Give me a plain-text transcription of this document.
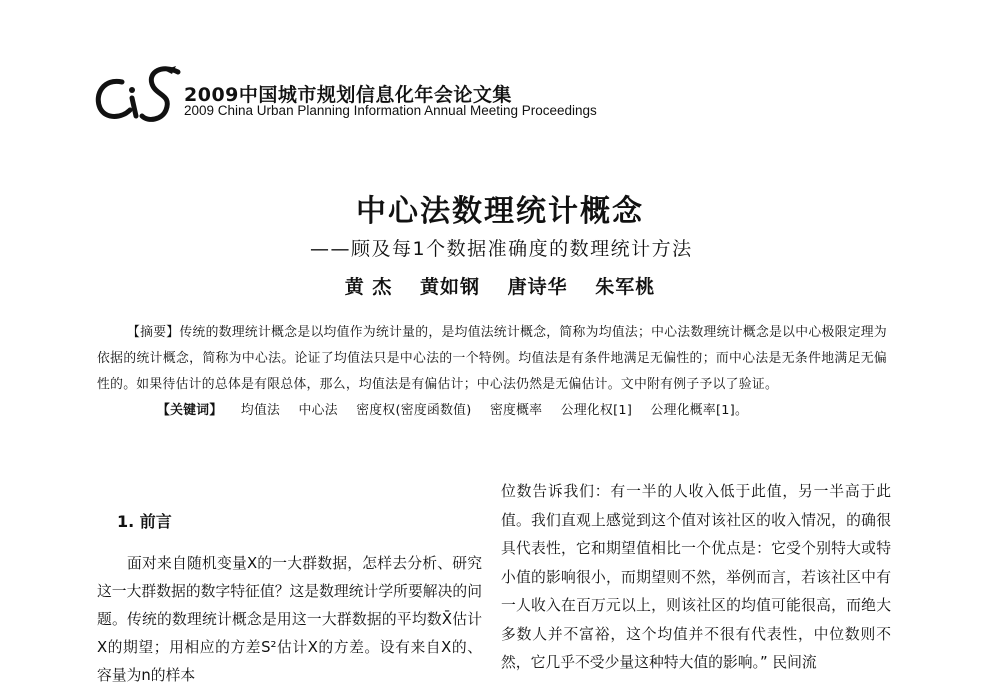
2009中国城市规划信息化年会论文集
2009 China Urban Planning Information Annual Meeting Proceedings
中心法数理统计概念
——顾及每1个数据准确度的数理统计方法
黄 杰 黄如钢 唐诗华 朱军桃

【摘要】传统的数理统计概念是以均值作为统计量的，是均值法统计概念，简称为均值法；中心法数理统计概念是以中心极限定理为依据的统计概念，简称为中心法。论证了均值法只是中心法的一个特例。均值法是有条件地满足无偏性的；而中心法是无条件地满足无偏性的。如果待估计的总体是有限总体，那么，均值法是有偏估计；中心法仍然是无偏估计。文中附有例子予以了验证。

【关键词】 均值法 中心法 密度权(密度函数值) 密度概率 公理化权[1] 公理化概率[1]。

1. 前言

面对来自随机变量X的一大群数据，怎样去分析、研究这一大群数据的数字特征值？这是数理统计学所要解决的问题。传统的数理统计概念是用这一大群数据的平均数X̄估计X的期望；用相应的方差S²估计X的方差。设有来自X的、容量为n的样本

位数告诉我们：有一半的人收入低于此值，另一半高于此值。我们直观上感觉到这个值对该社区的收入情况，的确很具代表性，它和期望值相比一个优点是：它受个别特大或特小值的影响很小，而期望则不然，举例而言，若该社区中有一人收入在百万元以上，则该社区的均值可能很高，而绝大多数人并不富裕，这个均值并不很有代表性，中位数则不然，它几乎不受少量这种特大值的影响。” 民间流
